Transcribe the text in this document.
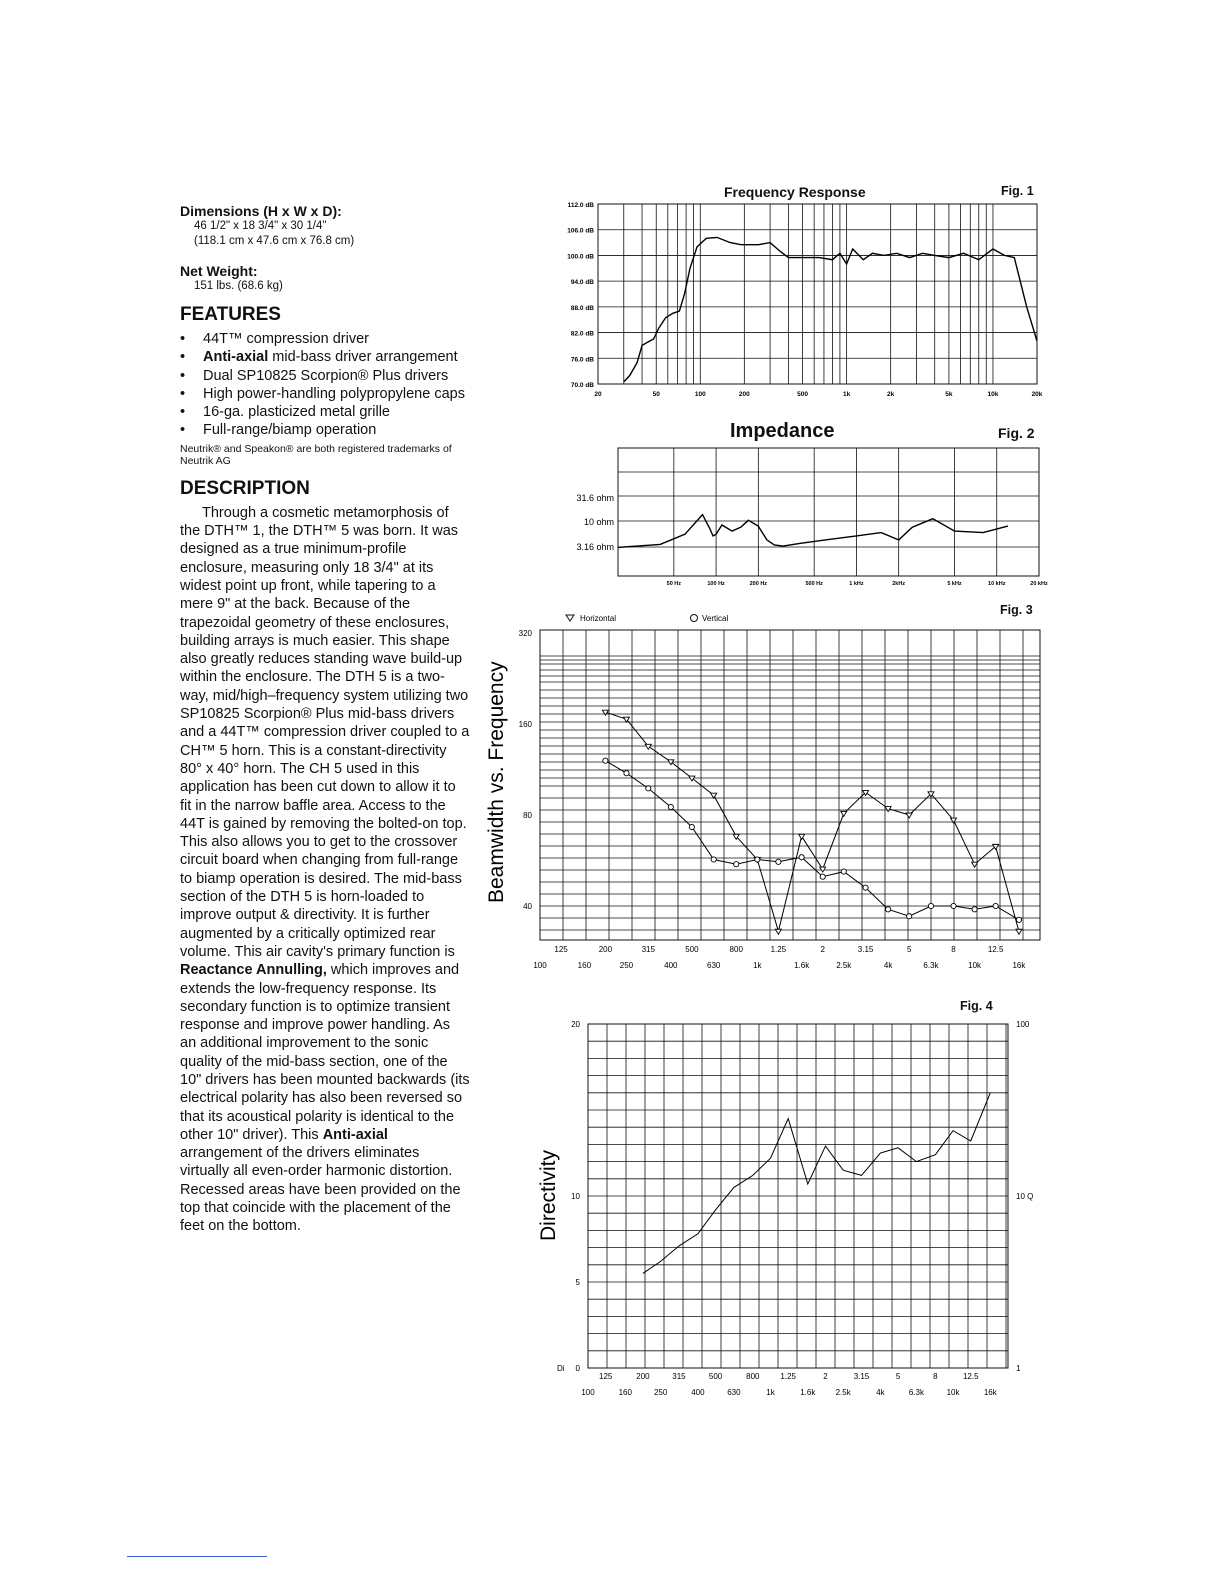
Dimensions (H x W x D):
46 1/2" x 18 3/4" x 30 1/4"
(118.1 cm x 47.6 cm x 76.8 cm)
Net Weight:
151 lbs. (68.6 kg)
FEATURES
• 44T™ compression driver
• Anti-axial mid-bass driver arrangement
• Dual SP10825 Scorpion® Plus drivers
• High power-handling polypropylene caps
• 16-ga. plasticized metal grille
• Full-range/biamp operation
Neutrik® and Speakon® are both registered trademarks of Neutrik AG
DESCRIPTION

Through a cosmetic metamorphosis of the DTH™ 1, the DTH™ 5 was born. It was designed as a true minimum-profile enclosure, measuring only 18 3/4" at its widest point up front, while tapering to a mere 9" at the back. Because of the trapezoidal geometry of these enclosures, building arrays is much easier. This shape also greatly reduces standing wave build-up within the enclosure. The DTH 5 is a two-way, mid/high–frequency system utilizing two SP10825 Scorpion® Plus mid-bass drivers and a 44T™ compression driver coupled to a CH™ 5 horn. This is a constant-directivity 80° x 40° horn. The CH 5 used in this application has been cut down to allow it to fit in the narrow baffle area. Access to the 44T is gained by removing the bolted-on top. This also allows you to get to the crossover circuit board when changing from full-range to biamp operation is desired. The mid-bass section of the DTH 5 is horn-loaded to improve output & directivity. It is further augmented by a critically optimized rear volume. This air cavity's primary function is Reactance Annulling, which improves and extends the low-frequency response. Its secondary function is to optimize transient response and improve power handling. As an additional improvement to the sonic quality of the mid-bass section, one of the 10" drivers has been mounted backwards (its electrical polarity has also been reversed so that its acoustical polarity is identical to the other 10" driver). This Anti-axial arrangement of the drivers eliminates virtually all even-order harmonic distortion. Recessed areas have been provided on the top that coincide with the placement of the feet on the bottom.

Frequency Response	Fig. 1
112.0 dB
106.0 dB
100.0 dB
94.0 dB
88.0 dB
82.0 dB
76.0 dB
70.0 dB
20	50	100	200	500	1k	2k	5k	10k	20k
Impedance	Fig. 2
31.6 ohm
10 ohm
3.16 ohm
50 Hz	100 Hz	200 Hz	500 Hz	1 kHz	2kHz	5 kHz	10 kHz	20 kHz
Fig. 3
320
160
80
40
125	200	315	500	800	1.25	2	3.15	5	8	12.5
100	160	250	400	630	1k	1.6k	2.5k	4k	6.3k	10k	16k
Horizontal	Vertical
Beamwidth vs. Frequency
Fig. 4
20
10
5
0
Di
100
10 Q
1
125	200	315	500	800	1.25	2	3.15	5	8	12.5
100	160	250	400	630	1k	1.6k	2.5k	4k	6.3k	10k	16k
Directivity
